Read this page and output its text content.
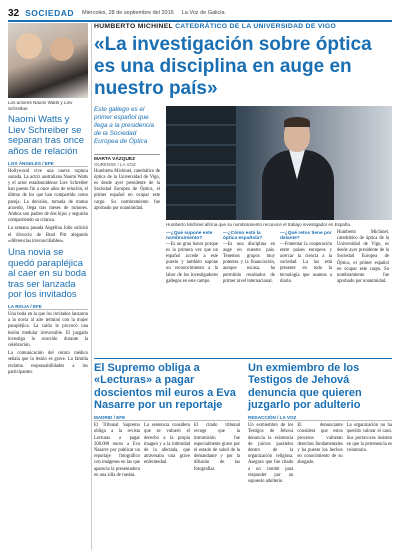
32 SOCIEDAD Miércoles, 28 de septiembre del 2016 La Voz de Galicia

Los actores Naomi Watts y Liev Schreiber.

Naomi Watts y Liev Schreiber se separan tras once años de relación
LOS ÁNGELES / EFE

Hollywood vive una nueva ruptura sonada. La actriz australiana Naomi Watts y el actor estadounidense Liev Schreiber han puesto fin a once años de relación, el último de los que han compartido como pareja. La decisión, tomada de mutuo acuerdo, llega tras meses de rumores. Ambos son padres de dos hijos y seguirán compartiendo su crianza.

La semana pasada Angelina Jolie solicitó el divorcio de Brad Pitt alegando «diferencias irreconciliables».

Una novia se quedó parapléjica al caer en su boda tras ser lanzada por los invitados
LA RIOJA / EFE

Una boda en la que los invitados lanzaron a la novia al aire terminó con la mujer parapléjica. La caída le provocó una lesión medular irreversible. El juzgado investiga lo ocurrido durante la celebración.

La comunicación del centro médico señala que la lesión es grave. La familia reclama responsabilidades a los participantes.

HUMBERTO MICHINEL CATEDRÁTICO DE LA UNIVERSIDAD DE VIGO
«La investigación sobre óptica es una disciplina en auge en nuestro país»

Este gallego es el primer español que llega a la presidencia de la Sociedad Europea de Óptica

MARTA VÁZQUEZ
OURENSE / LA VOZ

Humberto Michinel, catedrático de óptica de la Universidad de Vigo, es desde ayer presidente de la Sociedad Europea de Óptica, el primer español en ocupar este cargo. Su nombramiento fue aprobado por unanimidad.

Humberto Michinel afirma que su nombramiento reconoce el trabajo investigador en España.

—¿Qué supone este nombramiento?

—Es un gran honor porque es la primera vez que un español accede a este puesto y también supone un reconocimiento a la labor de los investigadores gallegos en este campo.

—¿Cómo está la óptica española?

—Es una disciplina en auge en nuestro país. Tenemos grupos muy potentes y la financiación, aunque escasa, ha permitido resultados de primer nivel internacional.

—¿Qué retos tiene por delante?

—Fomentar la cooperación entre países europeos y acercar la ciencia a la sociedad. La luz está presente en toda la tecnología que usamos a diario.

Humberto Michinel, catedrático de óptica de la Universidad de Vigo, es desde ayer presidente de la Sociedad Europea de Óptica, el primer español en ocupar este cargo. Su nombramiento fue aprobado por unanimidad.

El Supremo obliga a «Lecturas» a pagar doscientos mil euros a Eva Nasarre por un reportaje
MADRID / EFE

El Tribunal Supremo obliga a la revista Lecturas a pagar 200.000 euros a Eva Nasarre por publicar un reportaje fotográfico con imágenes en las que aparecía la presentadora en una silla de ruedas.

La sentencia considera que se vulneró el derecho a la propia imagen y a la intimidad de la afectada, que atravesaba una grave enfermedad.

El citado tribunal recoge que la intromisión fue especialmente grave por el estado de salud de la demandante y por la difusión de las fotografías.

Un exmiembro de los Testigos de Jehová denuncia que quieren juzgarlo por adulterio
REDACCIÓN / LA VOZ

Un exmiembro de los Testigos de Jehová denuncia la existencia de juicios paralelos dentro de la organización religiosa. Asegura que fue citado a un comité para responder por un supuesto adulterio.

El denunciante considera que estos procesos vulneran derechos fundamentales y ha puesto los hechos en conocimiento de su abogado.

La organización no ha querido valorar el caso. Sus portavoces insisten en que la pertenencia es voluntaria.
